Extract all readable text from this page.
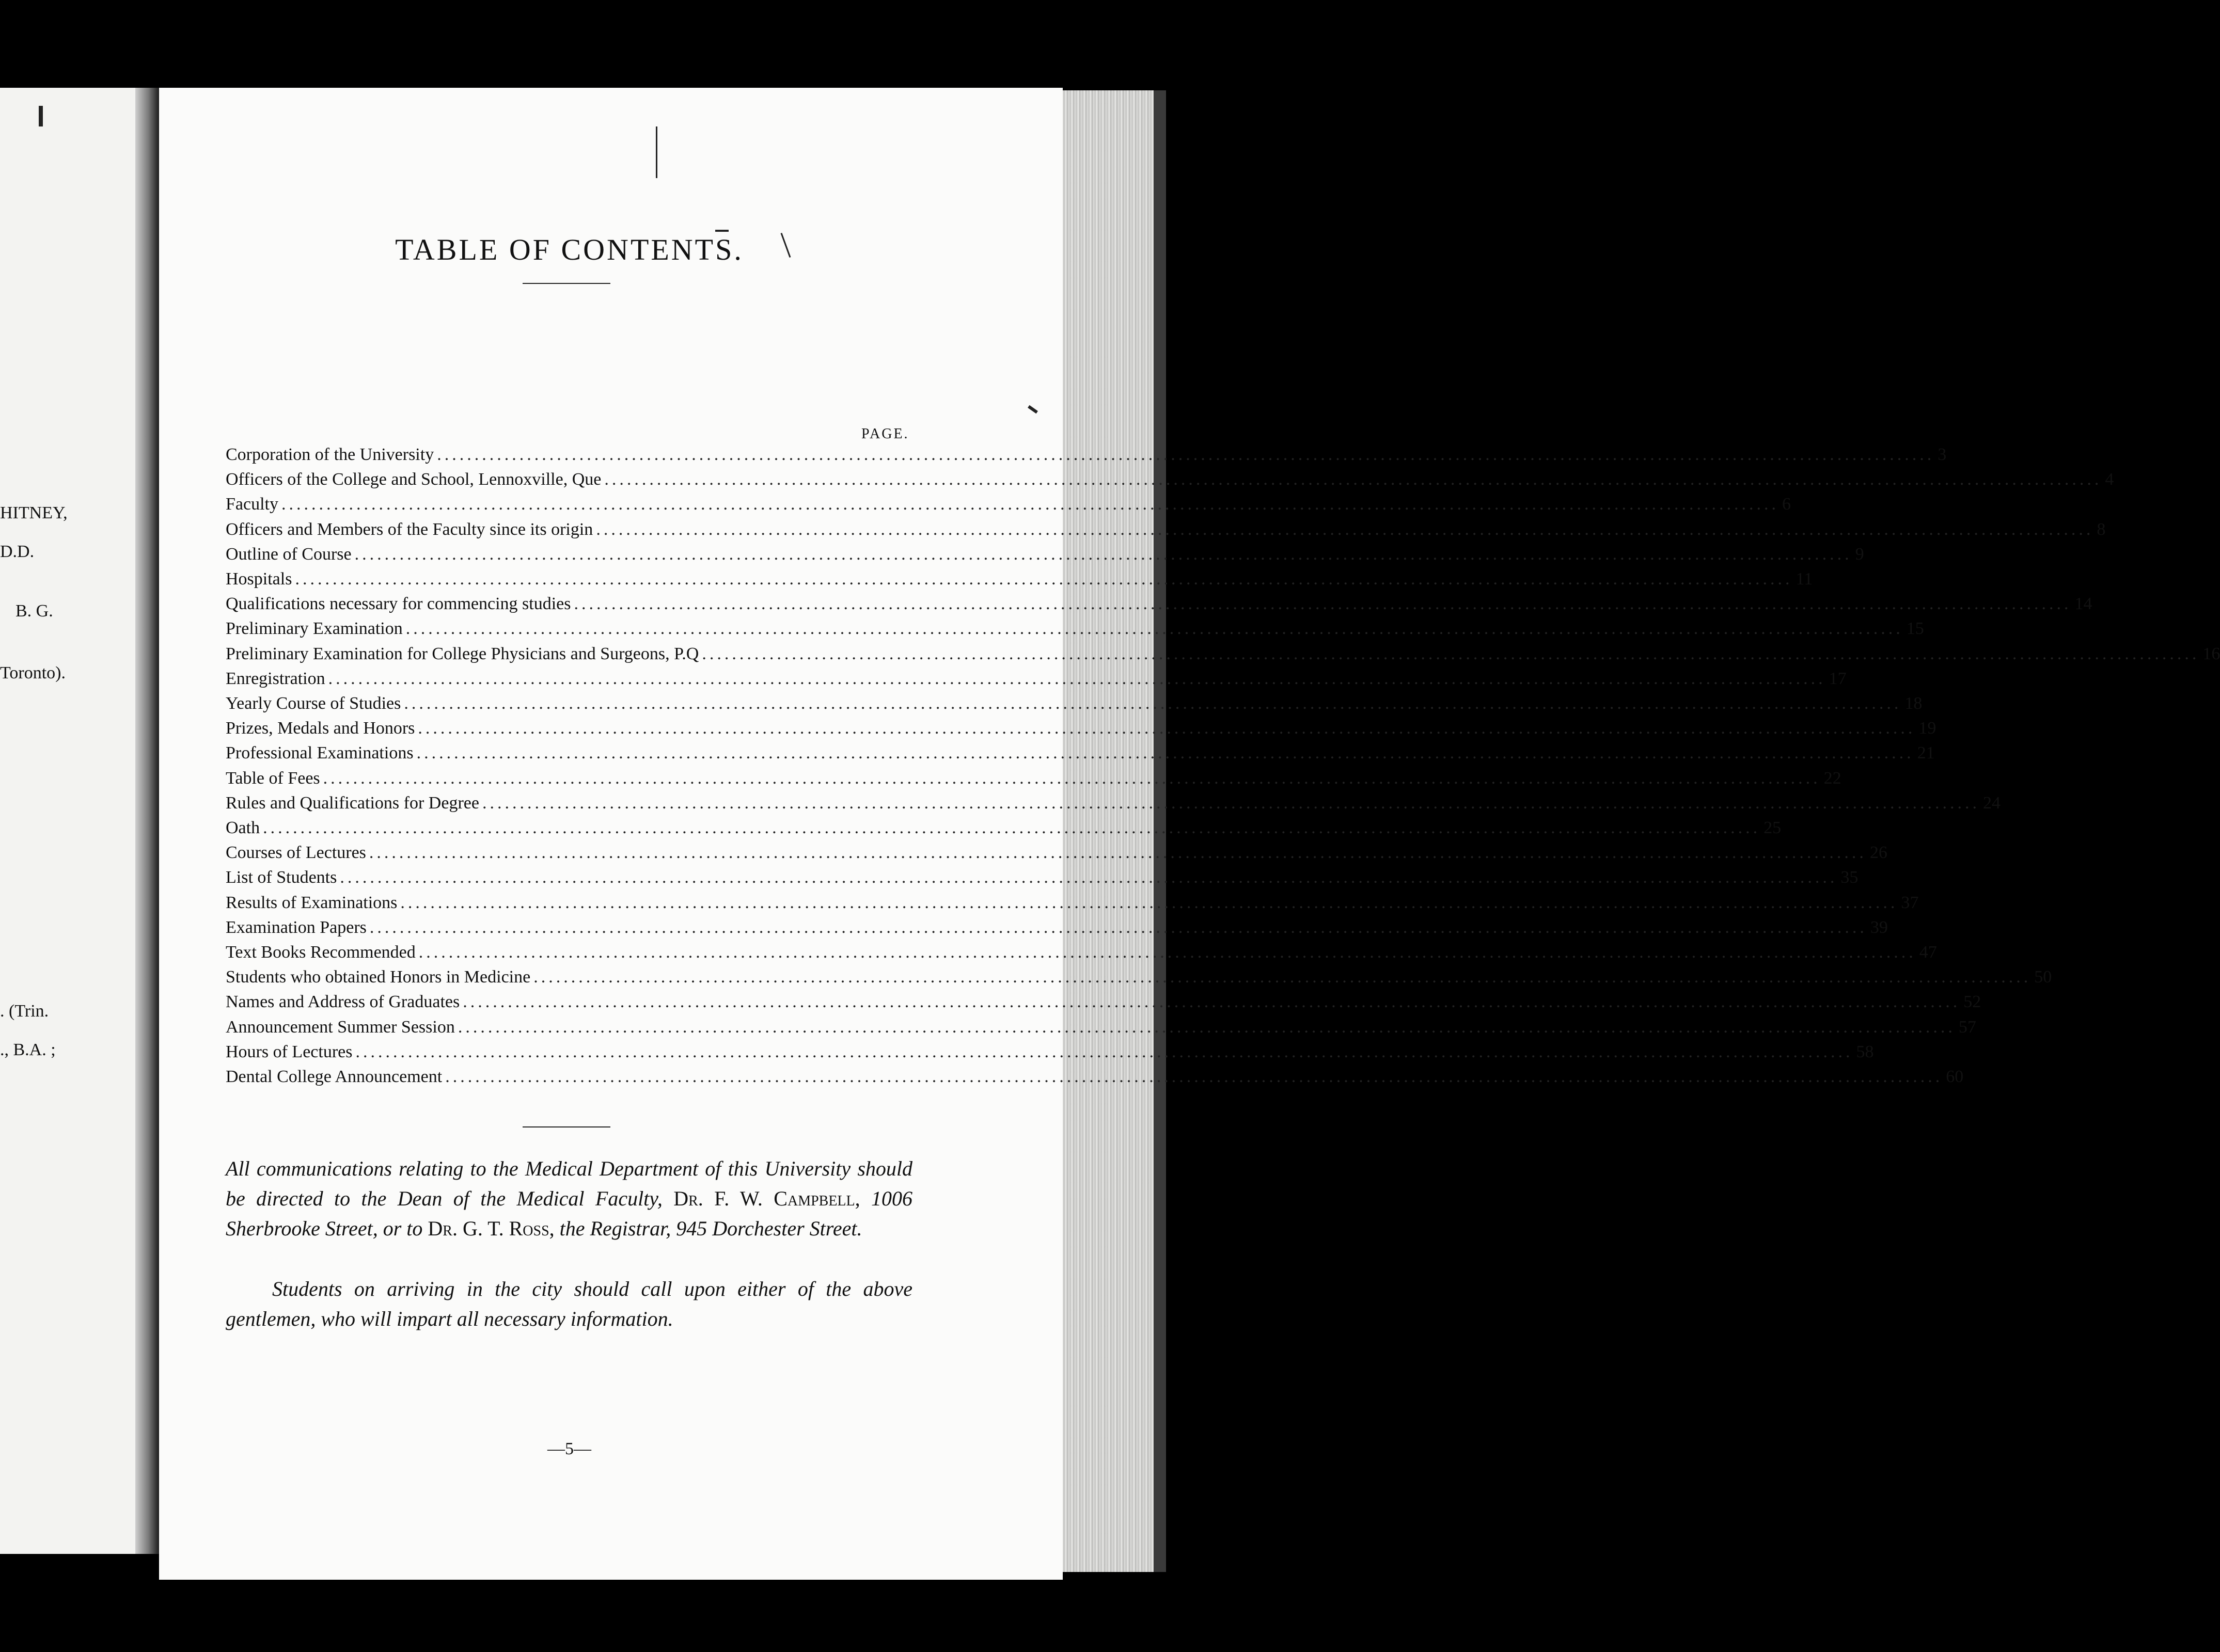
HITNEY,
D.D.
B. G.
Toronto).
. (Trin.
., B.A. ;
TABLE OF CONTENTS.
PAGE.
Corporation of the University ........................................................................................................................................................................................................ 3
Officers of the College and School, Lennoxville, Que ........................................................................................................................................................................................................ 4
Faculty ........................................................................................................................................................................................................ 6
Officers and Members of the Faculty since its origin ........................................................................................................................................................................................................ 8
Outline of Course ........................................................................................................................................................................................................ 9
Hospitals ........................................................................................................................................................................................................ 11
Qualifications necessary for commencing studies ........................................................................................................................................................................................................ 14
Preliminary Examination ........................................................................................................................................................................................................ 15
Preliminary Examination for College Physicians and Surgeons, P.Q ........................................................................................................................................................................................................ 16
Enregistration ........................................................................................................................................................................................................ 17
Yearly Course of Studies ........................................................................................................................................................................................................ 18
Prizes, Medals and Honors ........................................................................................................................................................................................................ 19
Professional Examinations ........................................................................................................................................................................................................ 21
Table of Fees ........................................................................................................................................................................................................ 22
Rules and Qualifications for Degree ........................................................................................................................................................................................................ 24
Oath ........................................................................................................................................................................................................ 25
Courses of Lectures ........................................................................................................................................................................................................ 26
List of Students ........................................................................................................................................................................................................ 35
Results of Examinations ........................................................................................................................................................................................................ 37
Examination Papers ........................................................................................................................................................................................................ 39
Text Books Recommended ........................................................................................................................................................................................................ 47
Students who obtained Honors in Medicine ........................................................................................................................................................................................................ 50
Names and Address of Graduates ........................................................................................................................................................................................................ 52
Announcement Summer Session ........................................................................................................................................................................................................ 57
Hours of Lectures ........................................................................................................................................................................................................ 58
Dental College Announcement ........................................................................................................................................................................................................ 60
All communications relating to the Medical Department of this University should be directed to the Dean of the Medical Faculty, Dr. F. W. Campbell, 1006 Sherbrooke Street, or to Dr. G. T. Ross, the Registrar, 945 Dorchester Street.
Students on arriving in the city should call upon either of the above gentlemen, who will impart all necessary information.
—5—
